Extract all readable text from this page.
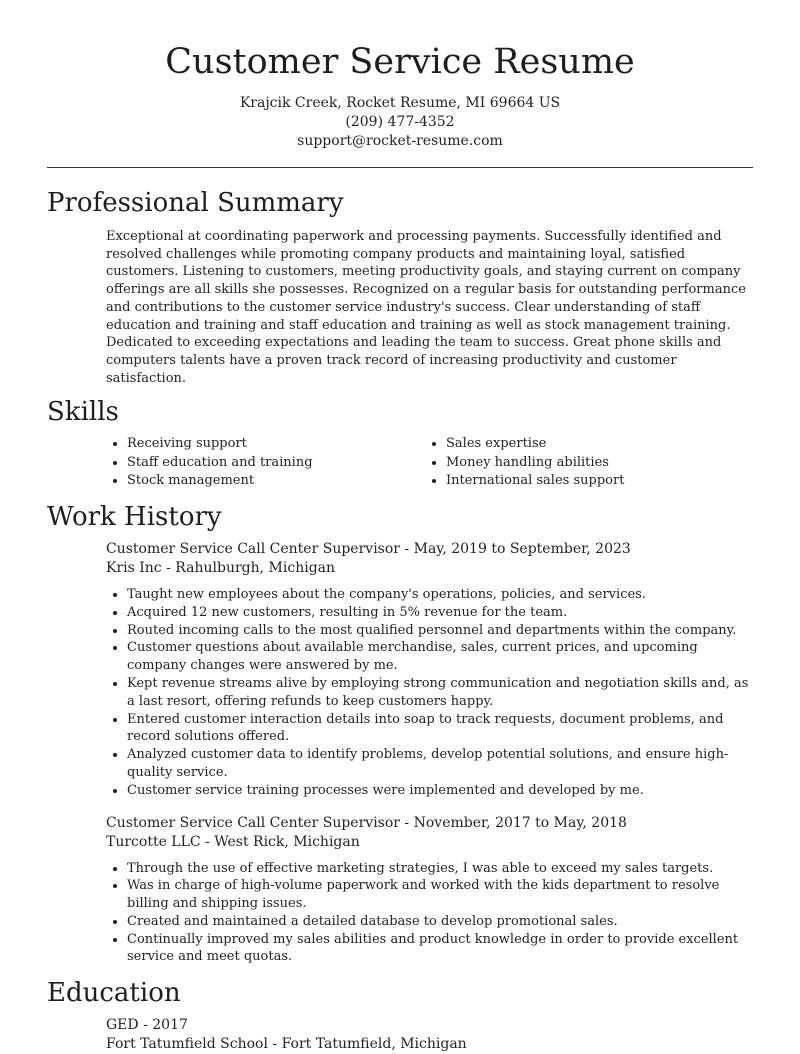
Customer Service Resume
Krajcik Creek, Rocket Resume, MI 69664 US
(209) 477-4352
support@rocket-resume.com
Professional Summary

Exceptional at coordinating paperwork and processing payments. Successfully identified and resolved challenges while promoting company products and maintaining loyal, satisfied customers. Listening to customers, meeting productivity goals, and staying current on company offerings are all skills she possesses. Recognized on a regular basis for outstanding performance and contributions to the customer service industry's success. Clear understanding of staff education and training and staff education and training as well as stock management training. Dedicated to exceeding expectations and leading the team to success. Great phone skills and computers talents have a proven track record of increasing productivity and customer satisfaction.

Skills
• Receiving support
• Staff education and training
• Stock management
• Sales expertise
• Money handling abilities
• International sales support
Work History
Customer Service Call Center Supervisor - May, 2019 to September, 2023
Kris Inc - Rahulburgh, Michigan
• Taught new employees about the company's operations, policies, and services.
• Acquired 12 new customers, resulting in 5% revenue for the team.
• Routed incoming calls to the most qualified personnel and departments within the company.
• Customer questions about available merchandise, sales, current prices, and upcoming company changes were answered by me.
• Kept revenue streams alive by employing strong communication and negotiation skills and, as a last resort, offering refunds to keep customers happy.
• Entered customer interaction details into soap to track requests, document problems, and record solutions offered.
• Analyzed customer data to identify problems, develop potential solutions, and ensure high-quality service.
• Customer service training processes were implemented and developed by me.
Customer Service Call Center Supervisor - November, 2017 to May, 2018
Turcotte LLC - West Rick, Michigan
• Through the use of effective marketing strategies, I was able to exceed my sales targets.
• Was in charge of high-volume paperwork and worked with the kids department to resolve billing and shipping issues.
• Created and maintained a detailed database to develop promotional sales.
• Continually improved my sales abilities and product knowledge in order to provide excellent service and meet quotas.
Education
GED - 2017
Fort Tatumfield School - Fort Tatumfield, Michigan
